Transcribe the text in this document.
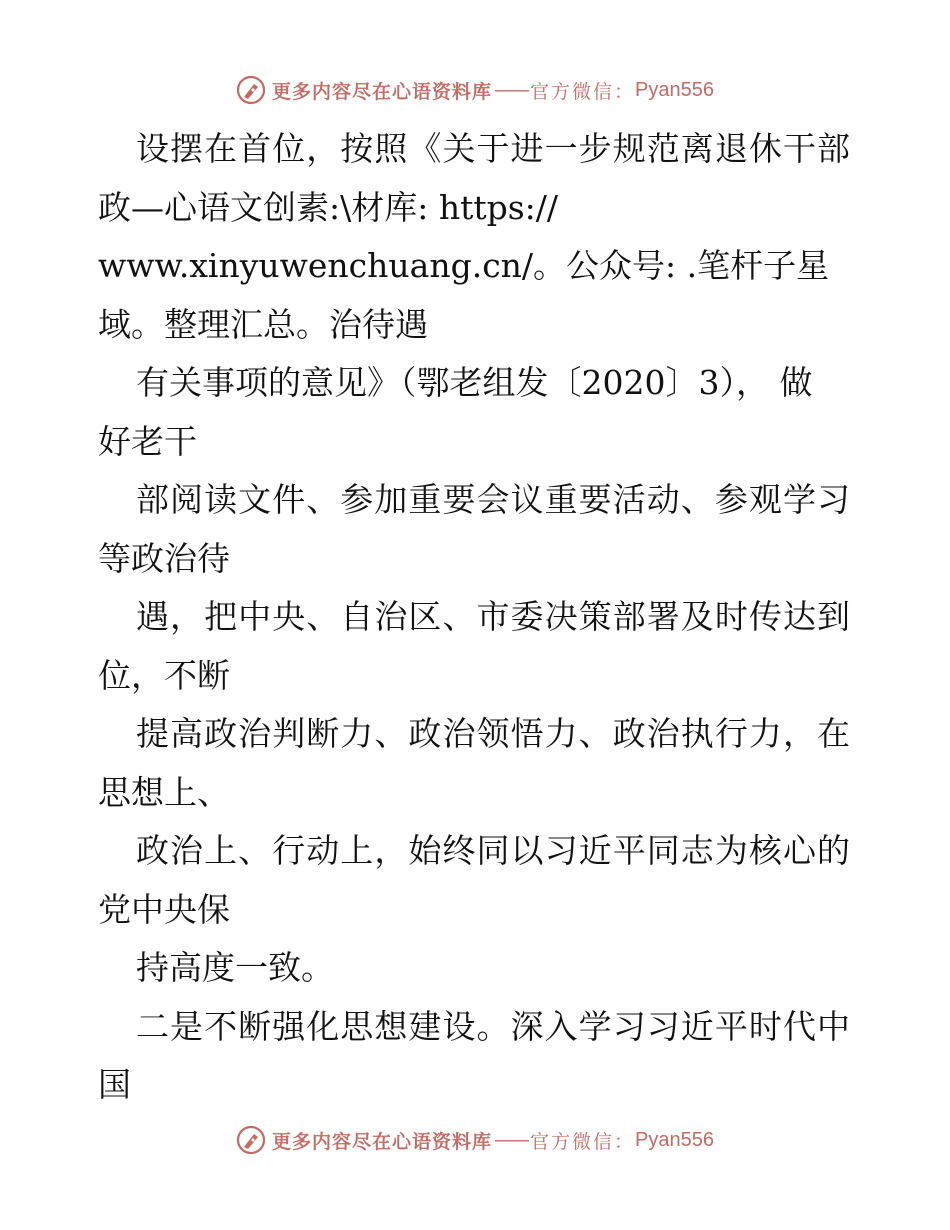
更多内容尽在心语资料库 —— 官方微信： Pyan556
设摆在首位，按照《关于进一步规范离退休干部
政—心语文创素:\材库: https://
www.xinyuwenchuang.cn/。公众号: .笔杆子星
域。整理汇总。治待遇
有关事项的意见》（鄂老组发〔2020〕3）， 做
好老干
部阅读文件、参加重要会议重要活动、参观学习
等政治待
遇，把中央、自治区、市委决策部署及时传达到
位，不断
提高政治判断力、政治领悟力、政治执行力，在
思想上、
政治上、行动上，始终同以习近平同志为核心的
党中央保
持高度一致。
二是不断强化思想建设。深入学习习近平时代中
国
更多内容尽在心语资料库 —— 官方微信： Pyan556
